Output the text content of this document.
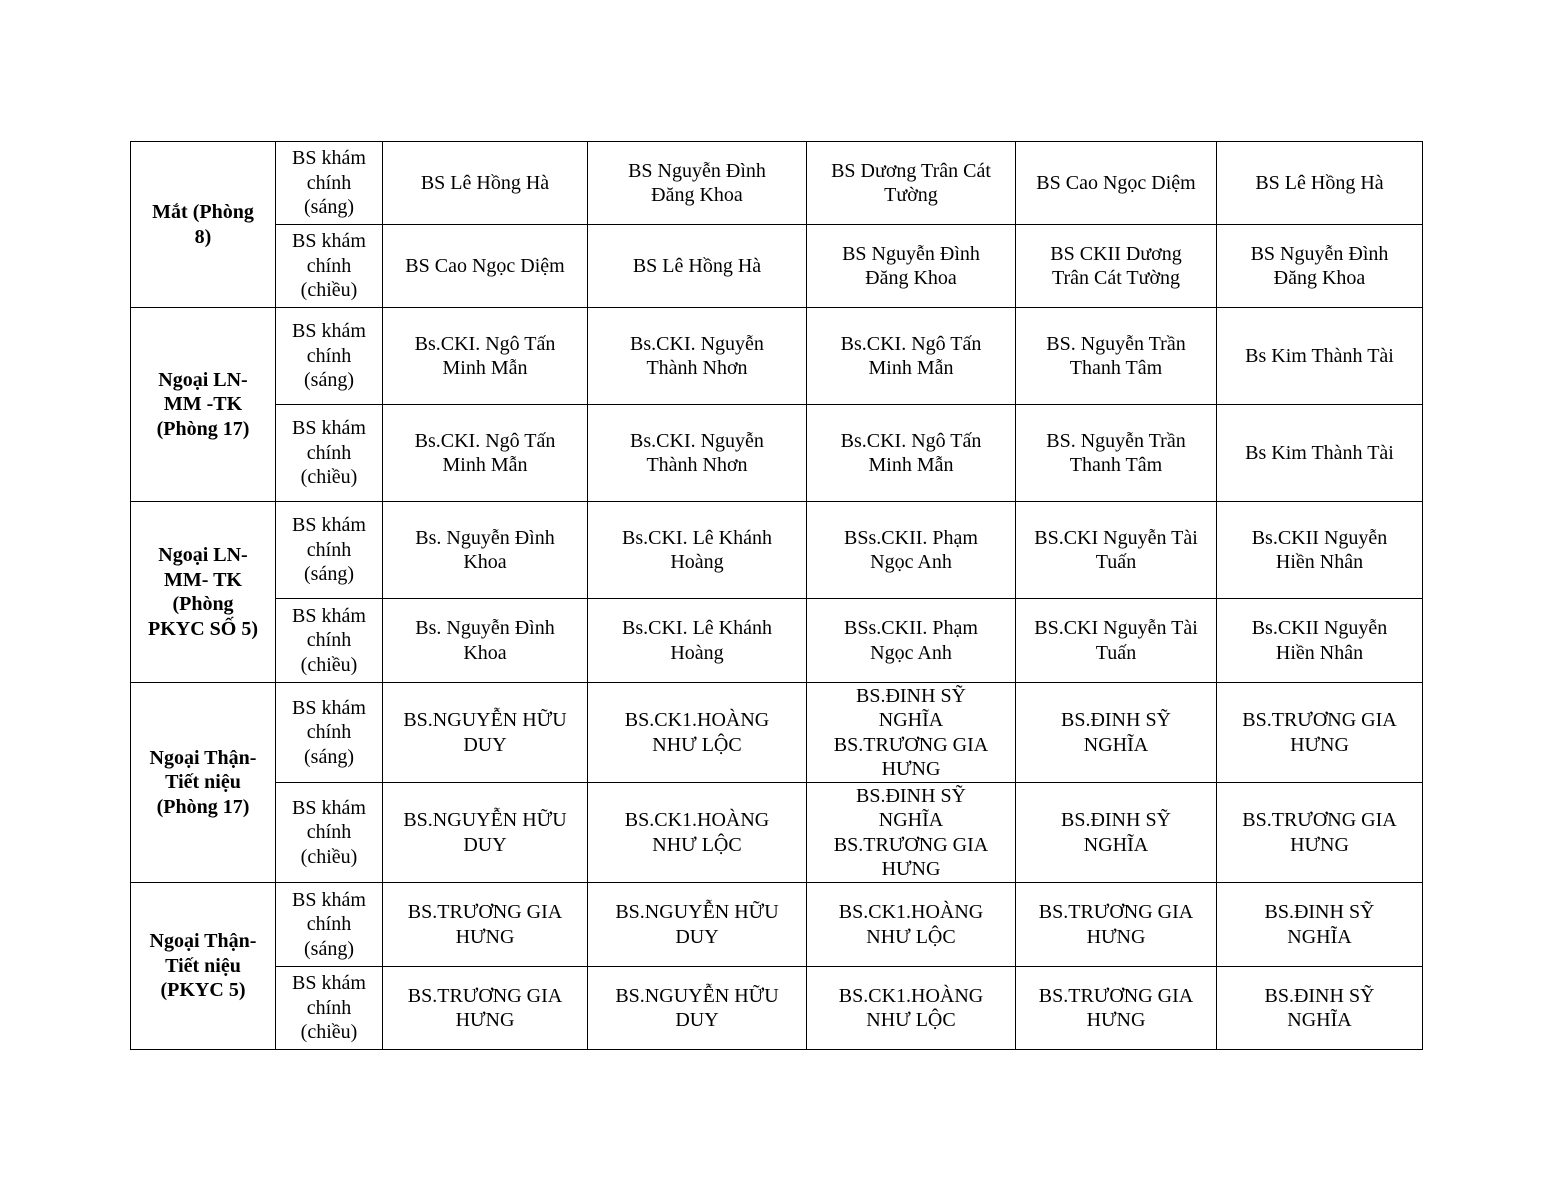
Mắt (Phòng
8)	BS khám
chính
(sáng)	BS Lê Hồng Hà	BS Nguyễn Đình
Đăng Khoa	BS Dương Trân Cát
Tường	BS Cao Ngọc Diệm	BS Lê Hồng Hà
	BS khám
chính
(chiều)	BS Cao Ngọc Diệm	BS Lê Hồng Hà	BS Nguyễn Đình
Đăng Khoa	BS CKII Dương
Trân Cát Tường	BS Nguyễn Đình
Đăng Khoa
Ngoại LN-
MM -TK
(Phòng 17)	BS khám
chính
(sáng)	Bs.CKI. Ngô Tấn
Minh Mẫn	Bs.CKI. Nguyễn
Thành Nhơn	Bs.CKI. Ngô Tấn
Minh Mẫn	BS. Nguyễn Trần
Thanh Tâm	Bs Kim Thành Tài
	BS khám
chính
(chiều)	Bs.CKI. Ngô Tấn
Minh Mẫn	Bs.CKI. Nguyễn
Thành Nhơn	Bs.CKI. Ngô Tấn
Minh Mẫn	BS. Nguyễn Trần
Thanh Tâm	Bs Kim Thành Tài
Ngoại LN-
MM- TK
(Phòng
PKYC SỐ 5)	BS khám
chính
(sáng)	Bs. Nguyễn Đình
Khoa	Bs.CKI. Lê Khánh
Hoàng	BSs.CKII. Phạm
Ngọc Anh	BS.CKI Nguyễn Tài
Tuấn	Bs.CKII Nguyễn
Hiền Nhân
	BS khám
chính
(chiều)	Bs. Nguyễn Đình
Khoa	Bs.CKI. Lê Khánh
Hoàng	BSs.CKII. Phạm
Ngọc Anh	BS.CKI Nguyễn Tài
Tuấn	Bs.CKII Nguyễn
Hiền Nhân
Ngoại Thận-
Tiết niệu
(Phòng 17)	BS khám
chính
(sáng)	BS.NGUYỄN HỮU
DUY	BS.CK1.HOÀNG
NHƯ LỘC	BS.ĐINH SỸ
NGHĨA
BS.TRƯƠNG GIA
HƯNG	BS.ĐINH SỸ
NGHĨA	BS.TRƯƠNG GIA
HƯNG
	BS khám
chính
(chiều)	BS.NGUYỄN HỮU
DUY	BS.CK1.HOÀNG
NHƯ LỘC	BS.ĐINH SỸ
NGHĨA
BS.TRƯƠNG GIA
HƯNG	BS.ĐINH SỸ
NGHĨA	BS.TRƯƠNG GIA
HƯNG
Ngoại Thận-
Tiết niệu
(PKYC 5)	BS khám
chính
(sáng)	BS.TRƯƠNG GIA
HƯNG	BS.NGUYỄN HỮU
DUY	BS.CK1.HOÀNG
NHƯ LỘC	BS.TRƯƠNG GIA
HƯNG	BS.ĐINH SỸ
NGHĨA
	BS khám
chính
(chiều)	BS.TRƯƠNG GIA
HƯNG	BS.NGUYỄN HỮU
DUY	BS.CK1.HOÀNG
NHƯ LỘC	BS.TRƯƠNG GIA
HƯNG	BS.ĐINH SỸ
NGHĨA
